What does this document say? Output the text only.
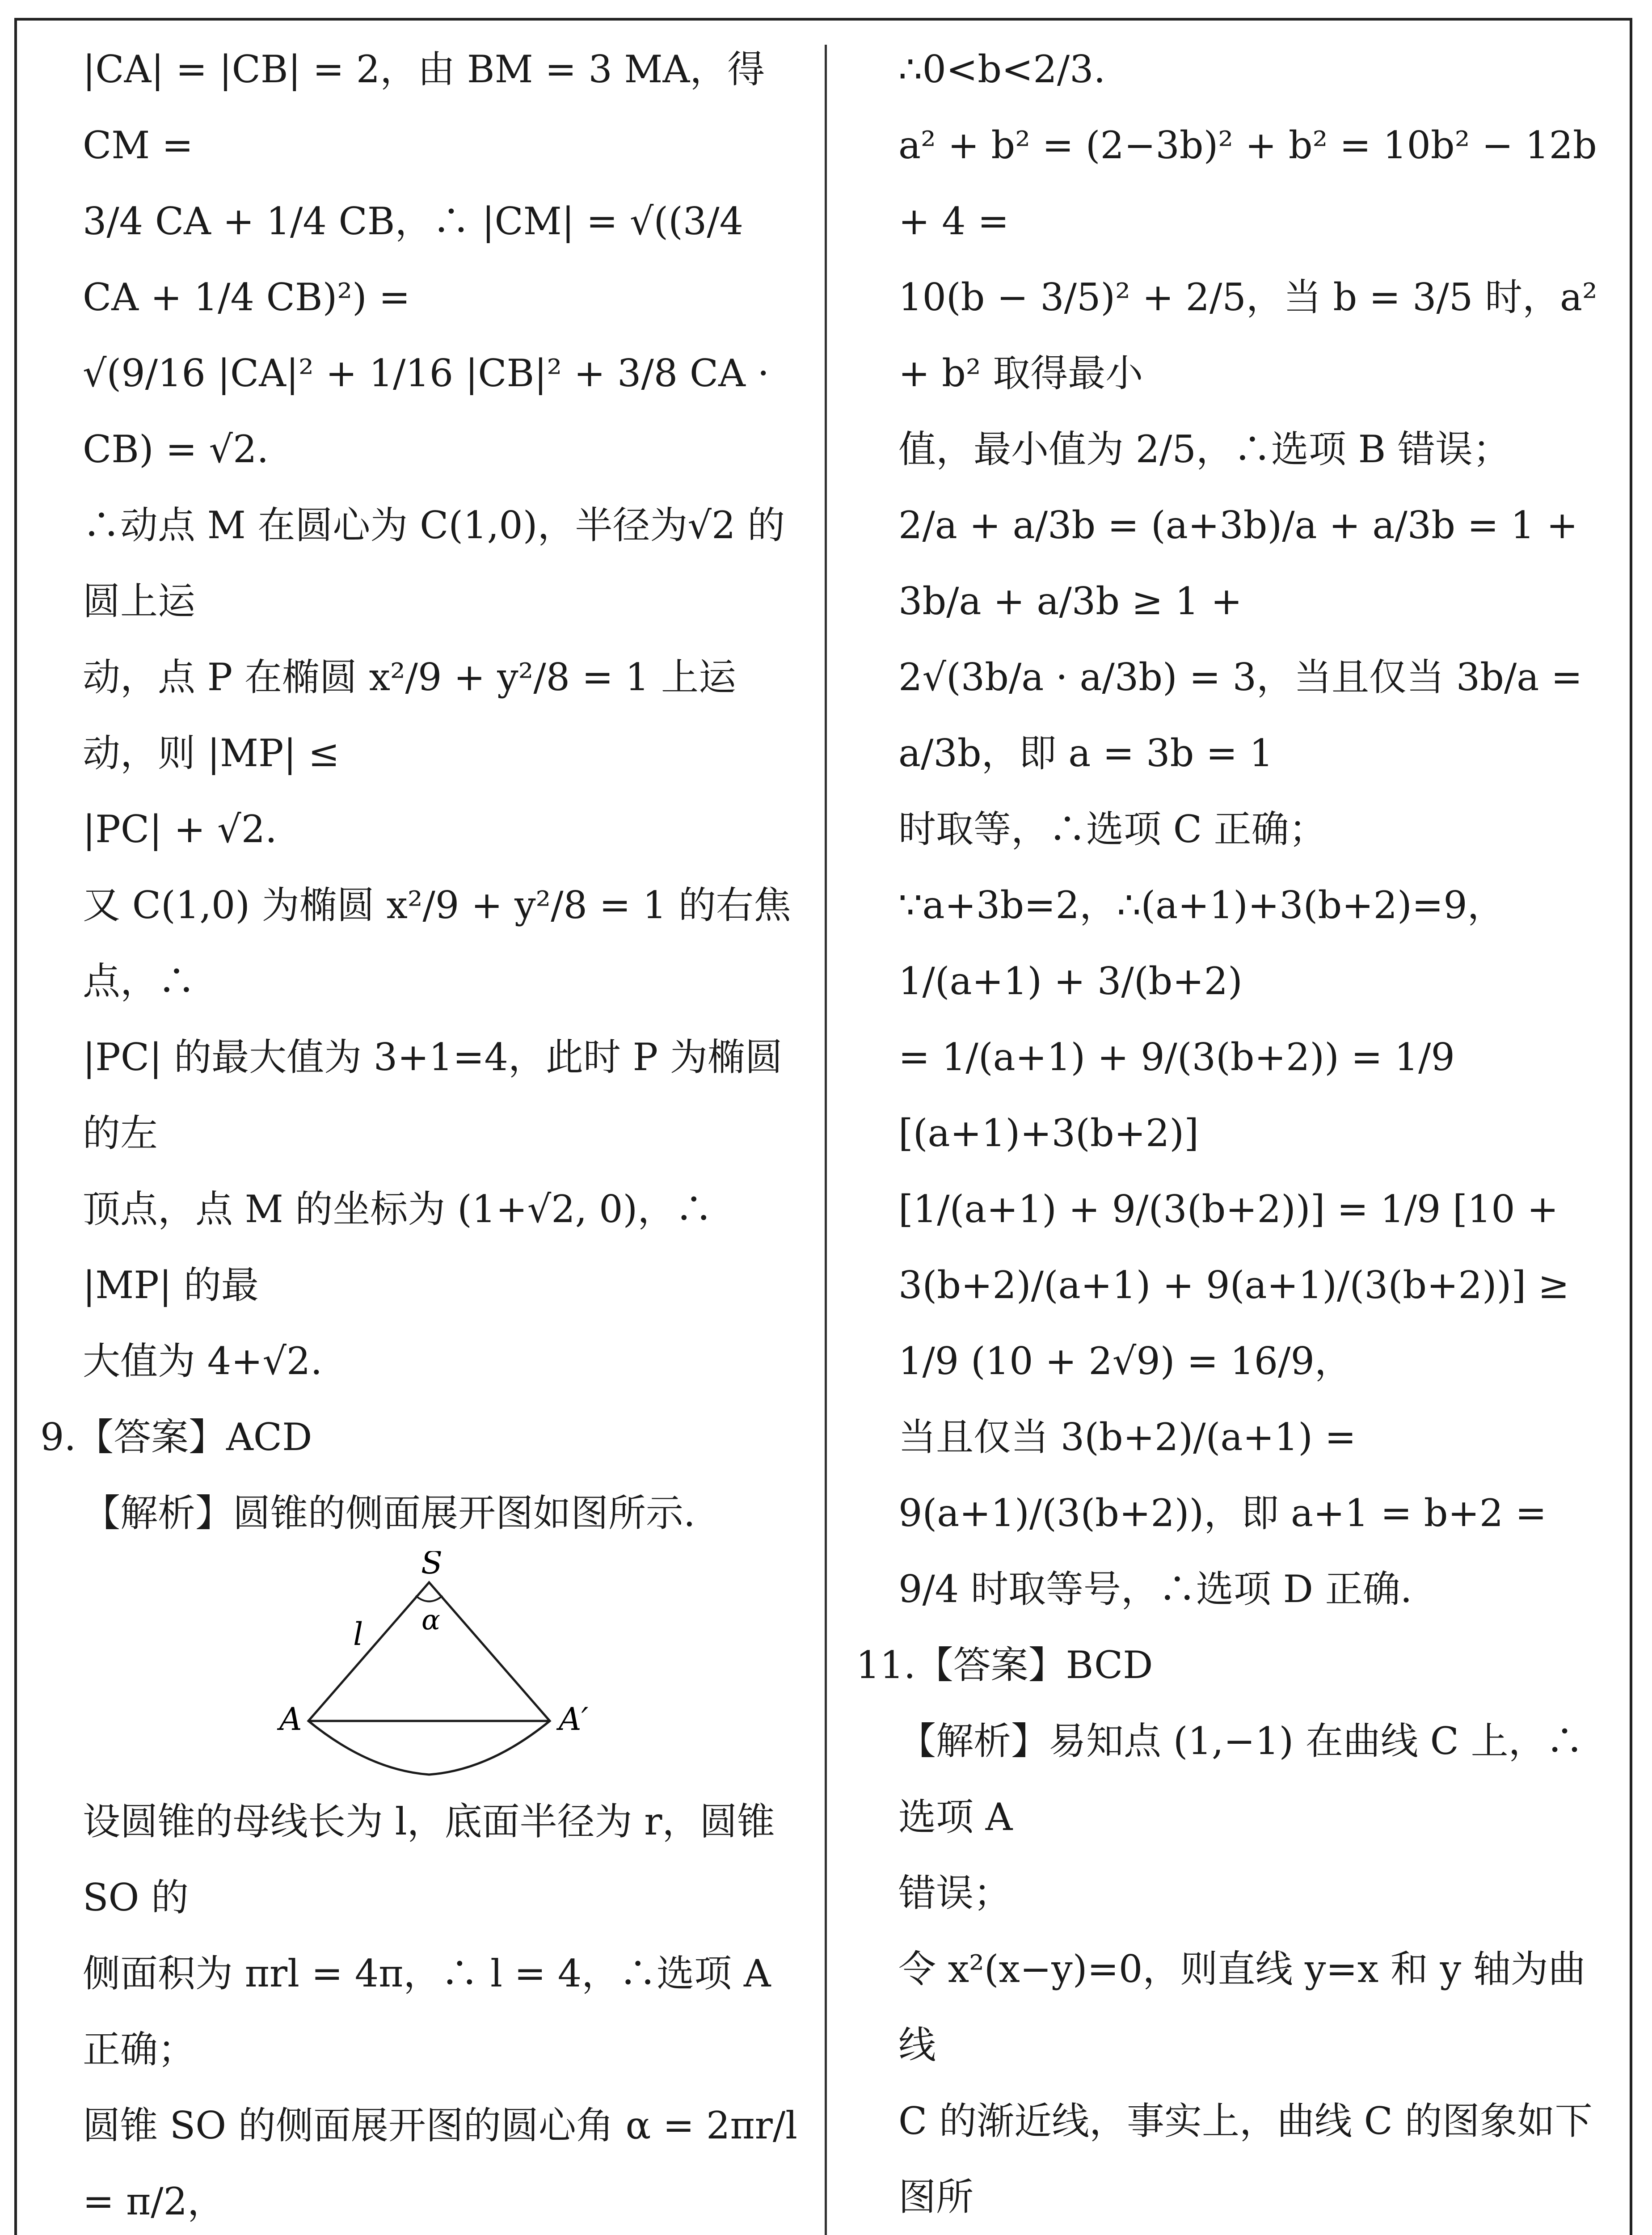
|CA| = |CB| = 2，由 BM = 3 MA，得 CM =

3/4 CA + 1/4 CB，∴ |CM| = √((3/4 CA + 1/4 CB)²) =

√(9/16 |CA|² + 1/16 |CB|² + 3/8 CA · CB) = √2.

∴动点 M 在圆心为 C(1,0)，半径为√2 的圆上运

动，点 P 在椭圆 x²/9 + y²/8 = 1 上运动，则 |MP| ≤

|PC| + √2.

又 C(1,0) 为椭圆 x²/9 + y²/8 = 1 的右焦点，∴

|PC| 的最大值为 3+1=4，此时 P 为椭圆的左

顶点，点 M 的坐标为 (1+√2, 0)，∴ |MP| 的最

大值为 4+√2.

9.【答案】ACD

【解析】圆锥的侧面展开图如图所示.

S
l α
A	A′

设圆锥的母线长为 l，底面半径为 r，圆锥 SO 的

侧面积为 πrl = 4π，∴ l = 4，∴选项 A 正确；

圆锥 SO 的侧面展开图的圆心角 α = 2πr/l = π/2，

∴0<b<2/3.

a² + b² = (2−3b)² + b² = 10b² − 12b + 4 =

10(b − 3/5)² + 2/5，当 b = 3/5 时，a² + b² 取得最小

值，最小值为 2/5，∴选项 B 错误；

2/a + a/3b = (a+3b)/a + a/3b = 1 + 3b/a + a/3b ≥ 1 +

2√(3b/a · a/3b) = 3，当且仅当 3b/a = a/3b，即 a = 3b = 1

时取等，∴选项 C 正确；

∵a+3b=2，∴(a+1)+3(b+2)=9，1/(a+1) + 3/(b+2)

= 1/(a+1) + 9/(3(b+2)) = 1/9 [(a+1)+3(b+2)]

[1/(a+1) + 9/(3(b+2))] = 1/9 [10 + 3(b+2)/(a+1) + 9(a+1)/(3(b+2))] ≥

1/9 (10 + 2√9) = 16/9，

当且仅当 3(b+2)/(a+1) = 9(a+1)/(3(b+2))，即 a+1 = b+2 =

9/4 时取等号，∴选项 D 正确.

11.【答案】BCD

【解析】易知点 (1,−1) 在曲线 C 上，∴选项 A

错误；

令 x²(x−y)=0，则直线 y=x 和 y 轴为曲线

C 的渐近线，事实上，曲线 C 的图象如下图所
